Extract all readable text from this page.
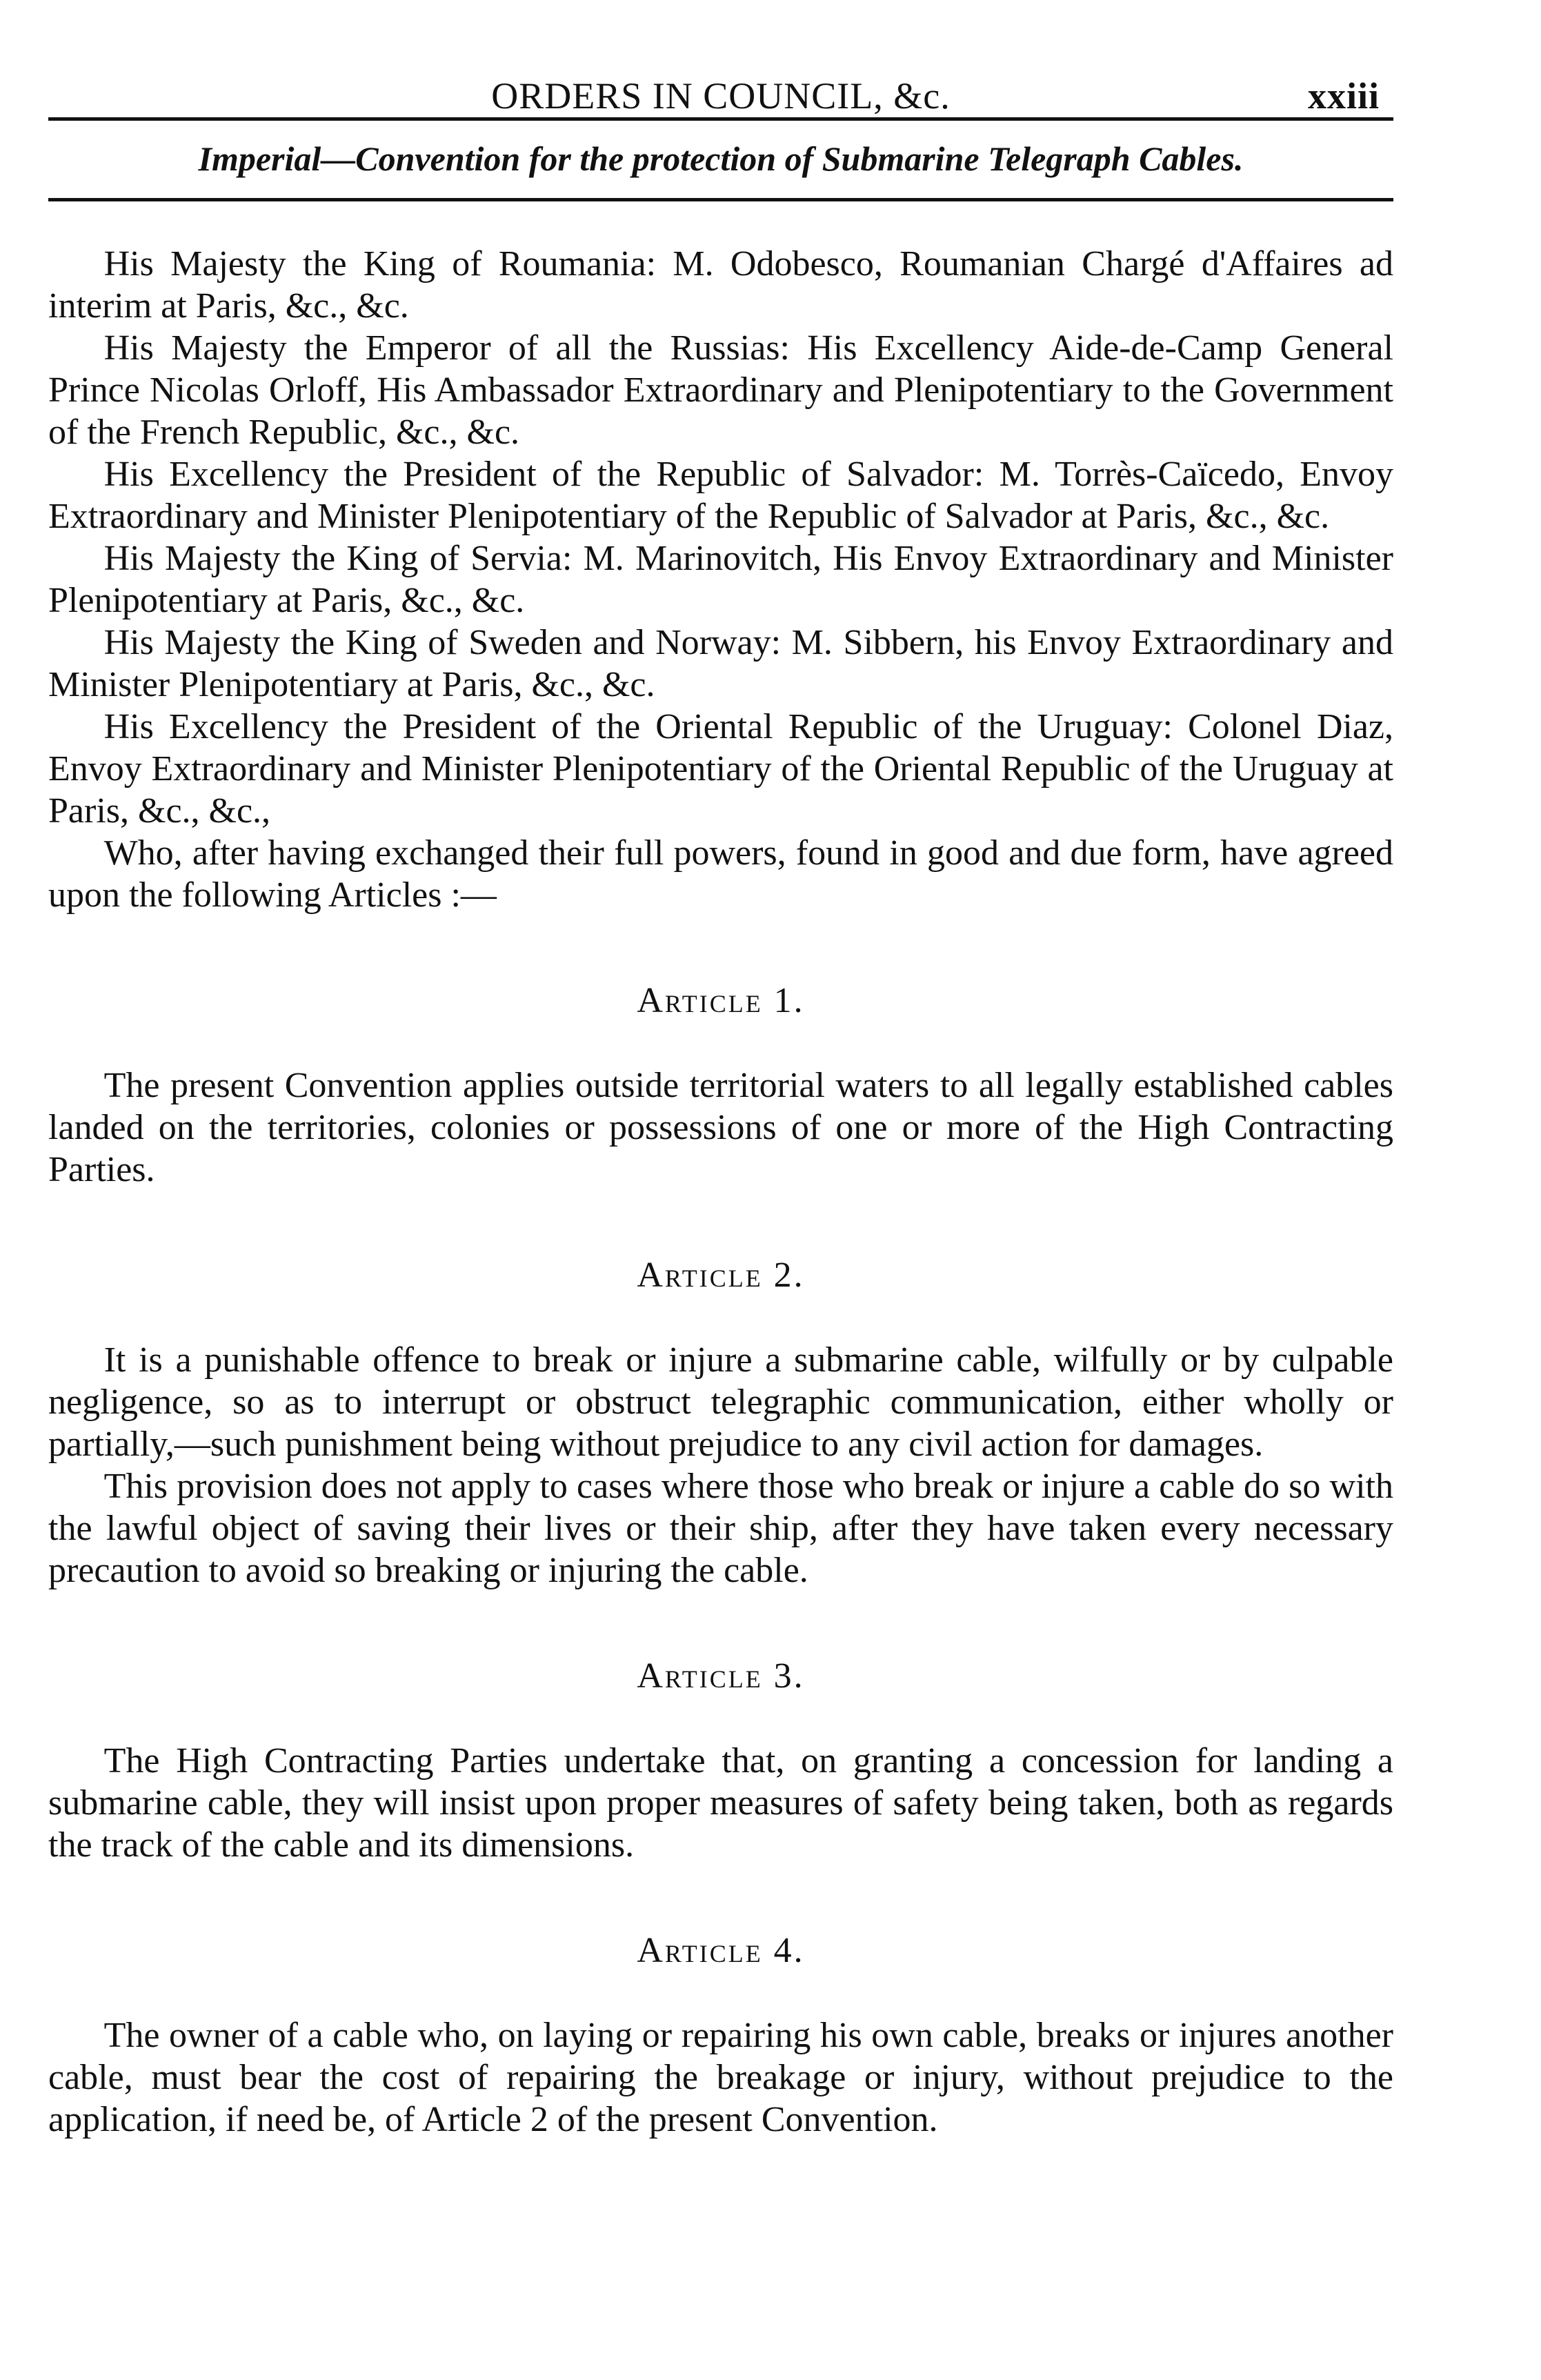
ORDERS IN COUNCIL, &c.	xxiii
Imperial—Convention for the protection of Submarine Telegraph Cables.

His Majesty the King of Roumania: M. Odobesco, Roumanian Chargé d'Affaires ad interim at Paris, &c., &c.

His Majesty the Emperor of all the Russias: His Excellency Aide-de-Camp General Prince Nicolas Orloff, His Ambassador Extraordinary and Plenipotentiary to the Government of the French Republic, &c., &c.

His Excellency the President of the Republic of Salvador: M. Torrès-Caïcedo, Envoy Extraordinary and Minister Plenipotentiary of the Republic of Salvador at Paris, &c., &c.

His Majesty the King of Servia: M. Marinovitch, His Envoy Extraordinary and Minister Plenipotentiary at Paris, &c., &c.

His Majesty the King of Sweden and Norway: M. Sibbern, his Envoy Extraordinary and Minister Plenipotentiary at Paris, &c., &c.

His Excellency the President of the Oriental Republic of the Uruguay: Colonel Diaz, Envoy Extraordinary and Minister Plenipotentiary of the Oriental Republic of the Uruguay at Paris, &c., &c.,

Who, after having exchanged their full powers, found in good and due form, have agreed upon the following Articles :—

Article 1.

The present Convention applies outside territorial waters to all legally established cables landed on the territories, colonies or possessions of one or more of the High Contracting Parties.

Article 2.

It is a punishable offence to break or injure a submarine cable, wilfully or by culpable negligence, so as to interrupt or obstruct telegraphic communication, either wholly or partially,—such punishment being without prejudice to any civil action for damages.

This provision does not apply to cases where those who break or injure a cable do so with the lawful object of saving their lives or their ship, after they have taken every necessary precaution to avoid so breaking or injuring the cable.

Article 3.

The High Contracting Parties undertake that, on granting a concession for landing a submarine cable, they will insist upon proper measures of safety being taken, both as regards the track of the cable and its dimensions.

Article 4.

The owner of a cable who, on laying or repairing his own cable, breaks or injures another cable, must bear the cost of repairing the breakage or injury, without prejudice to the application, if need be, of Article 2 of the present Convention.
